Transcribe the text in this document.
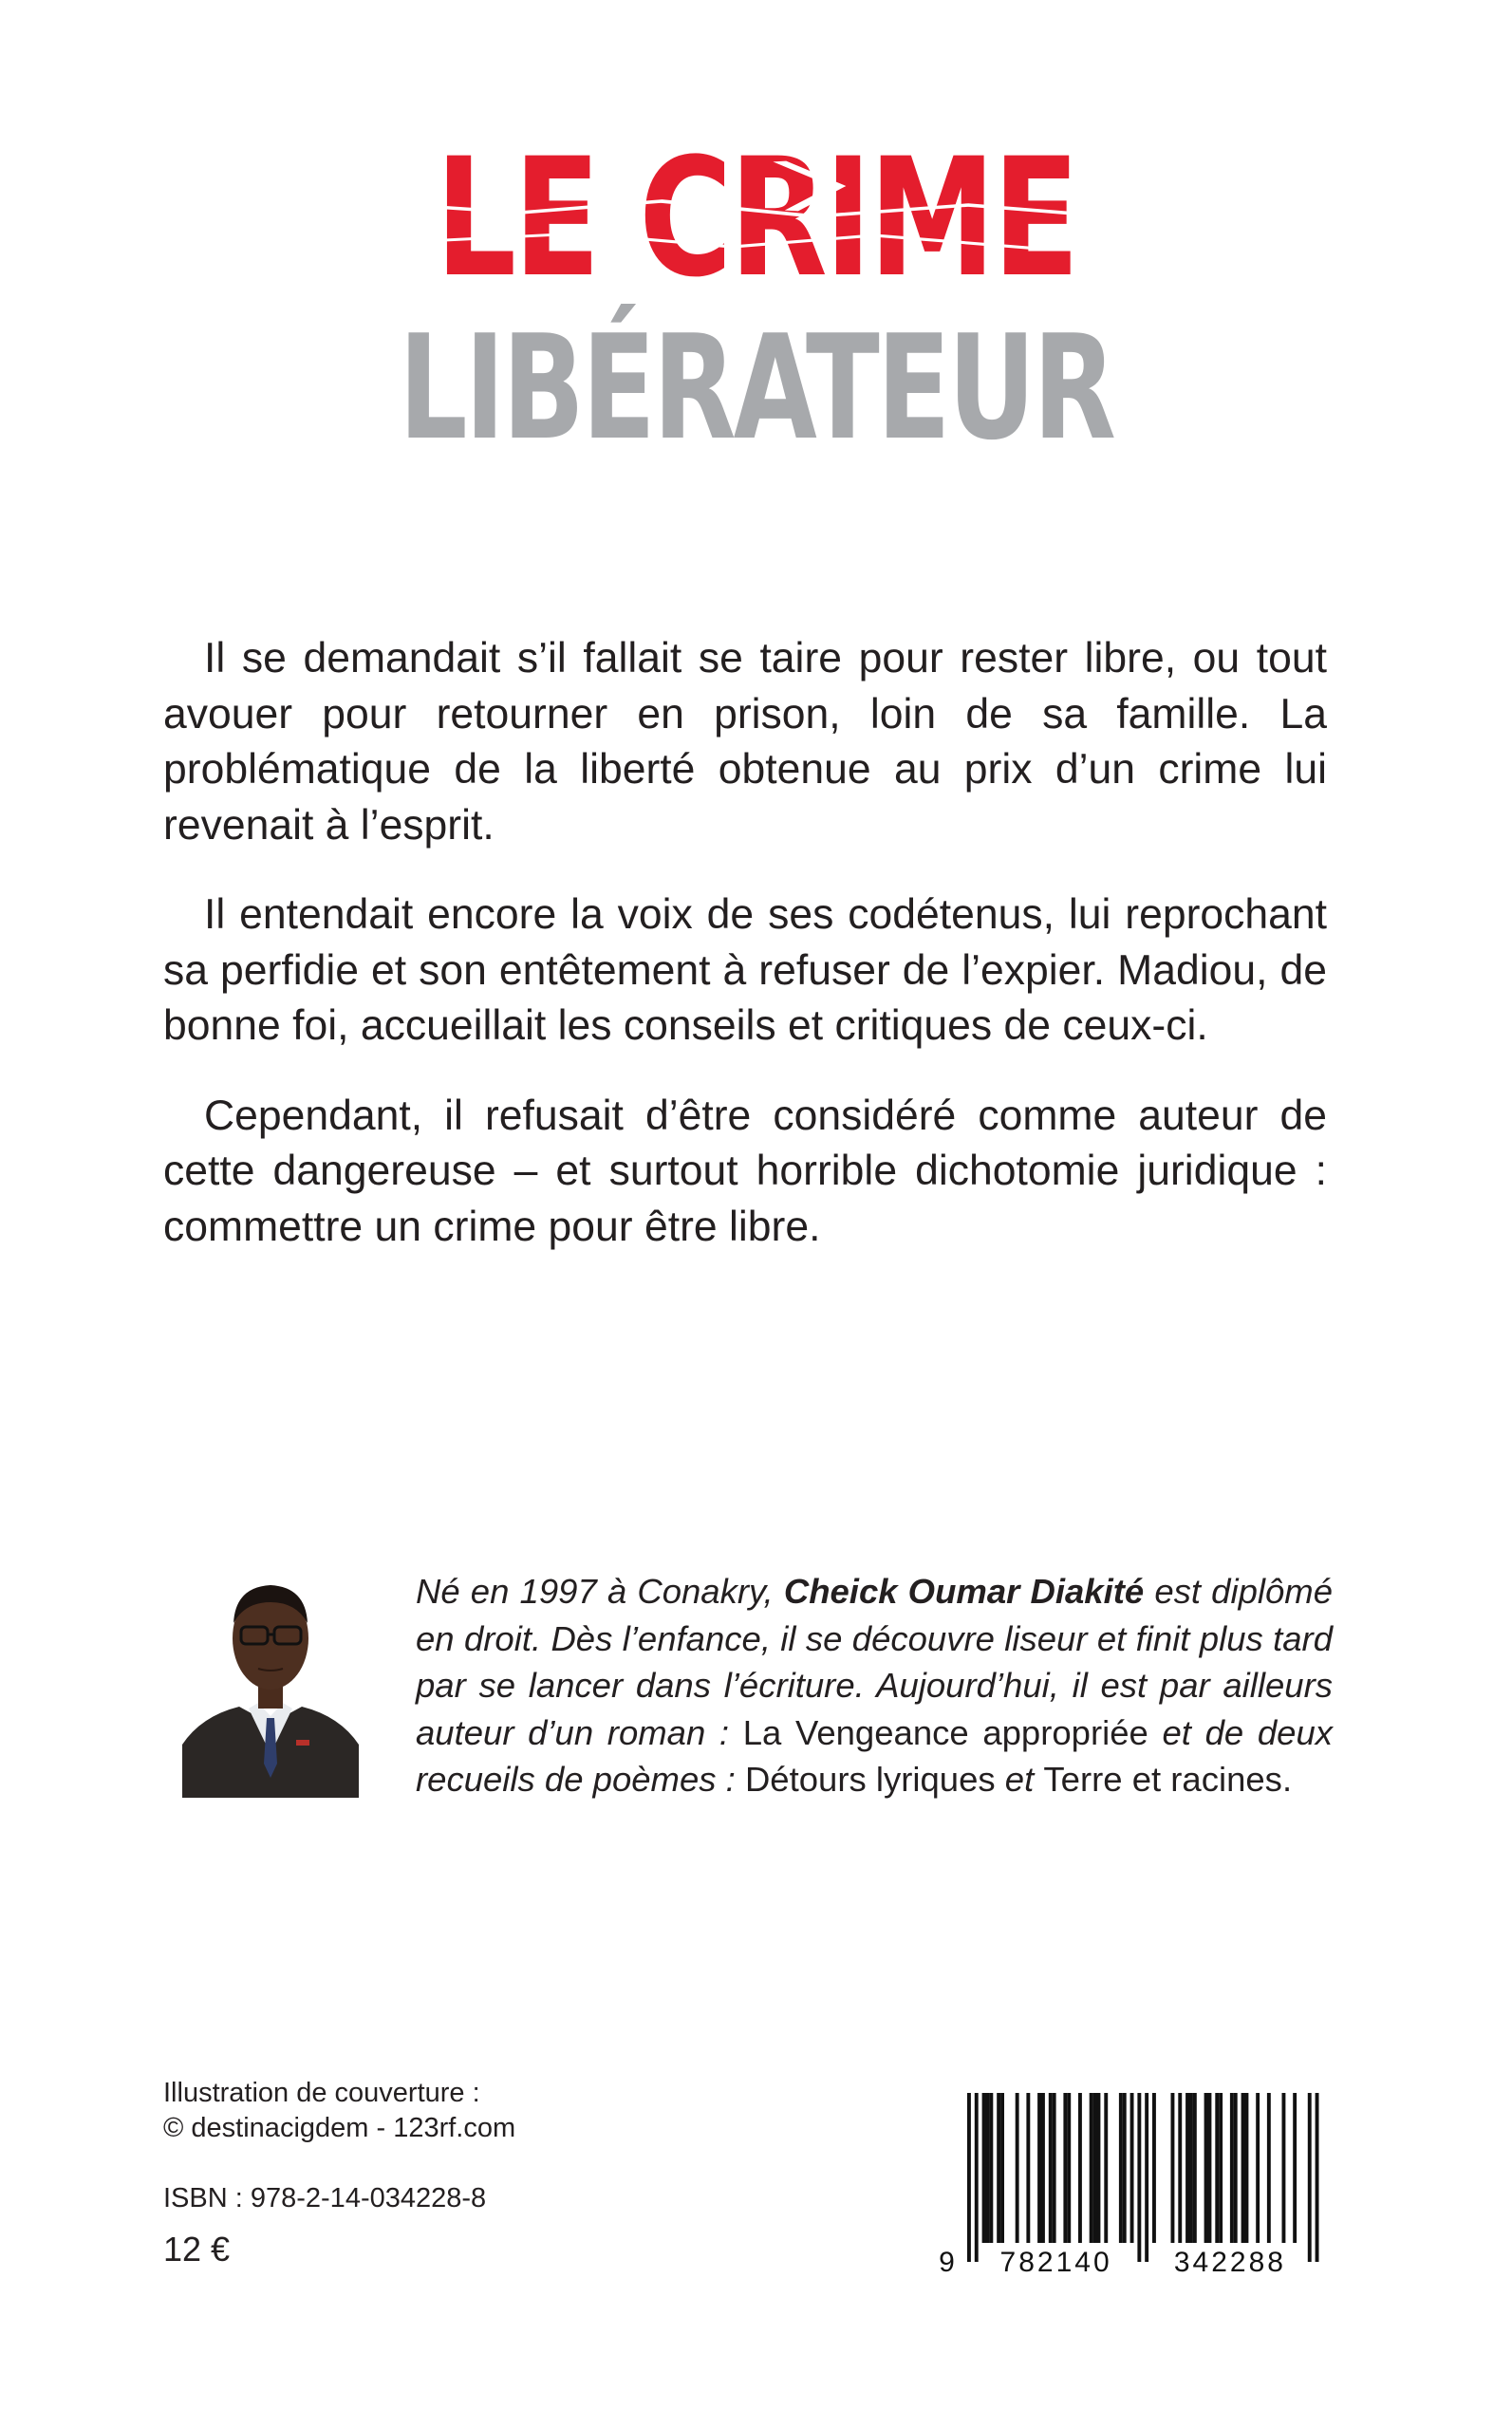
LE CRIME
LIBÉRATEUR

Il se demandait s’il fallait se taire pour rester libre, ou tout avouer pour retourner en prison, loin de sa famille. La problématique de la liberté obtenue au prix d’un crime lui revenait à l’esprit.

Il entendait encore la voix de ses codétenus, lui reprochant sa perfidie et son entêtement à refuser de l’expier. Madiou, de bonne foi, accueillait les conseils et critiques de ceux-ci.

Cependant, il refusait d’être considéré comme auteur de cette dangereuse – et surtout horrible dichotomie juridique : commettre un crime pour être libre.

Né en 1997 à Conakry, Cheick Oumar Diakité est diplômé en droit. Dès l’enfance, il se découvre liseur et finit plus tard par se lancer dans l’écriture. Aujourd’hui, il est par ailleurs auteur d’un roman : La Vengeance appropriée et de deux recueils de poèmes : Détours lyriques et Terre et racines.
Illustration de couverture :
© destinacigdem - 123rf.com
ISBN : 978-2-14-034228-8
12 €	9 782140 342288
